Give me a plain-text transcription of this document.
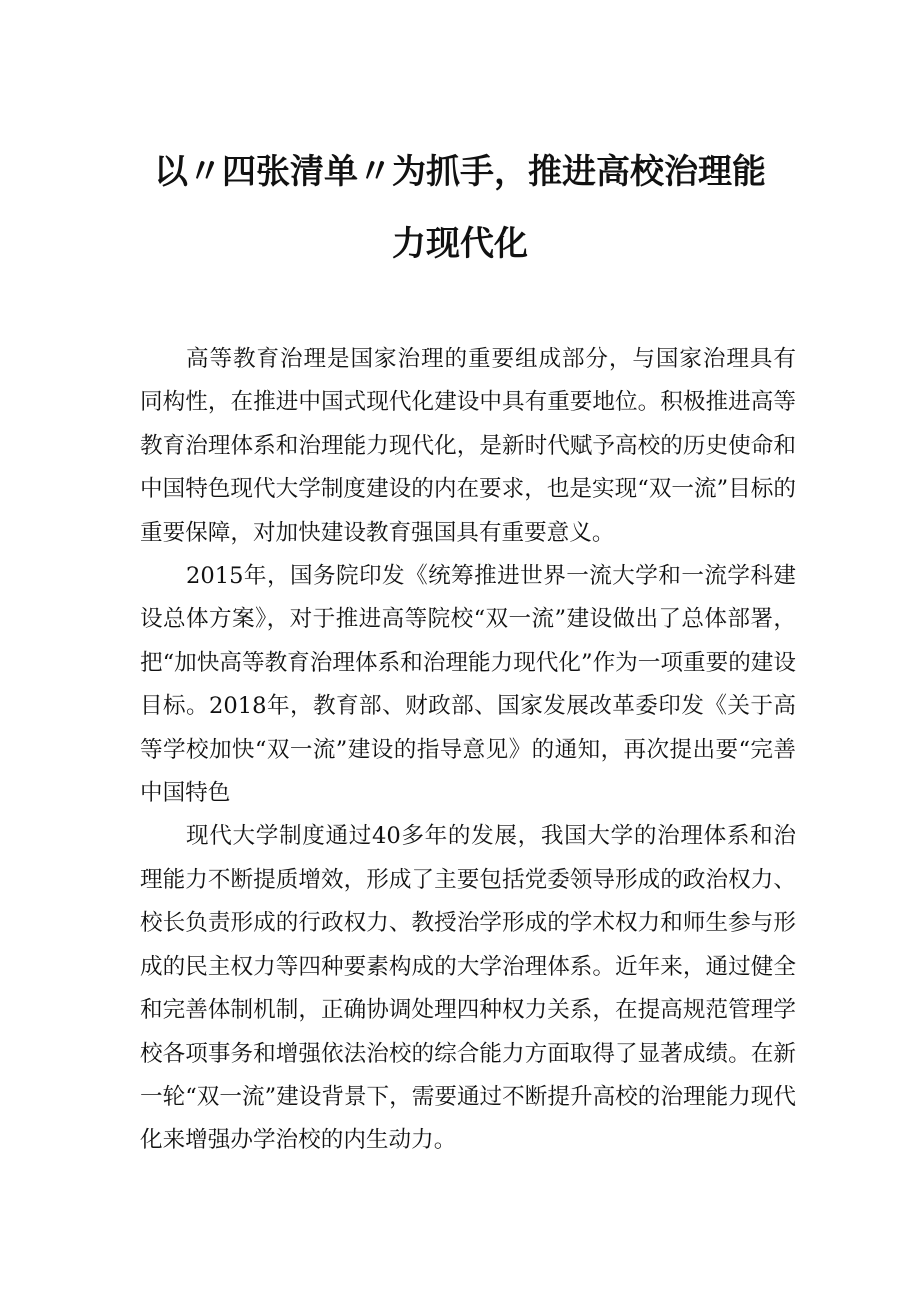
以〃四张清单〃为抓手，推进高校治理能
力现代化

高等教育治理是国家治理的重要组成部分，与国家治理具有同构性，在推进中国式现代化建设中具有重要地位。积极推进高等教育治理体系和治理能力现代化，是新时代赋予高校的历史使命和中国特色现代大学制度建设的内在要求，也是实现“双一流”目标的重要保障，对加快建设教育强国具有重要意义。

2015年，国务院印发《统筹推进世界一流大学和一流学科建设总体方案》，对于推进高等院校“双一流”建设做出了总体部署，把“加快高等教育治理体系和治理能力现代化”作为一项重要的建设目标。2018年，教育部、财政部、国家发展改革委印发《关于高等学校加快“双一流”建设的指导意见》的通知，再次提出要“完善中国特色

现代大学制度通过40多年的发展，我国大学的治理体系和治理能力不断提质增效，形成了主要包括党委领导形成的政治权力、校长负责形成的行政权力、教授治学形成的学术权力和师生参与形成的民主权力等四种要素构成的大学治理体系。近年来，通过健全和完善体制机制，正确协调处理四种权力关系，在提高规范管理学校各项事务和增强依法治校的综合能力方面取得了显著成绩。在新一轮“双一流”建设背景下，需要通过不断提升高校的治理能力现代化来增强办学治校的内生动力。
